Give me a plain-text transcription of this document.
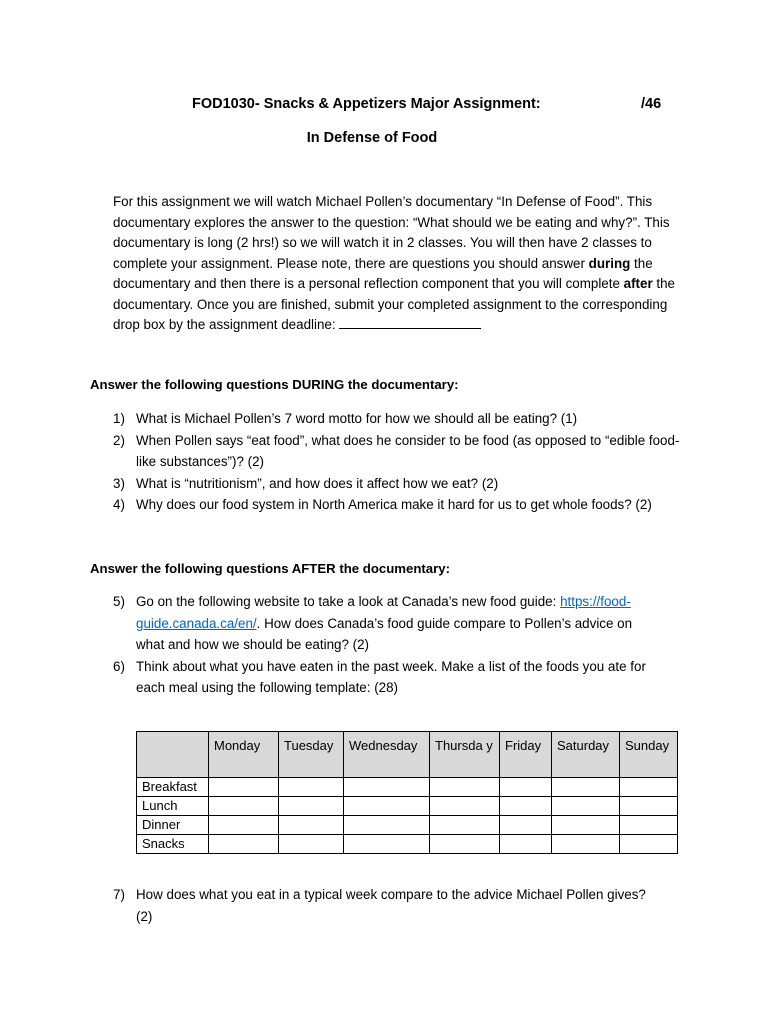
FOD1030- Snacks & Appetizers Major Assignment:	/46
In Defense of Food
For this assignment we will watch Michael Pollen’s documentary “In Defense of Food”. This documentary explores the answer to the question: “What should we be eating and why?”. This documentary is long (2 hrs!) so we will watch it in 2 classes. You will then have 2 classes to complete your assignment. Please note, there are questions you should answer during the documentary and then there is a personal reflection component that you will complete after the documentary. Once you are finished, submit your completed assignment to the corresponding drop box by the assignment deadline:
Answer the following questions DURING the documentary:
1) What is Michael Pollen’s 7 word motto for how we should all be eating? (1)
2) When Pollen says “eat food”, what does he consider to be food (as opposed to “edible food-like substances”)? (2)
3) What is “nutritionism”, and how does it affect how we eat? (2)
4) Why does our food system in North America make it hard for us to get whole foods? (2)
Answer the following questions AFTER the documentary:
5) Go on the following website to take a look at Canada’s new food guide: https://food-guide.canada.ca/en/. How does Canada’s food guide compare to Pollen’s advice on what and how we should be eating? (2)
6) Think about what you have eaten in the past week. Make a list of the foods you ate for each meal using the following template: (28)
	Monday	Tuesday	Wednesday	Thursda y	Friday	Saturday	Sunday
Breakfast							
Lunch							
Dinner							
Snacks							
7) How does what you eat in a typical week compare to the advice Michael Pollen gives? (2)
